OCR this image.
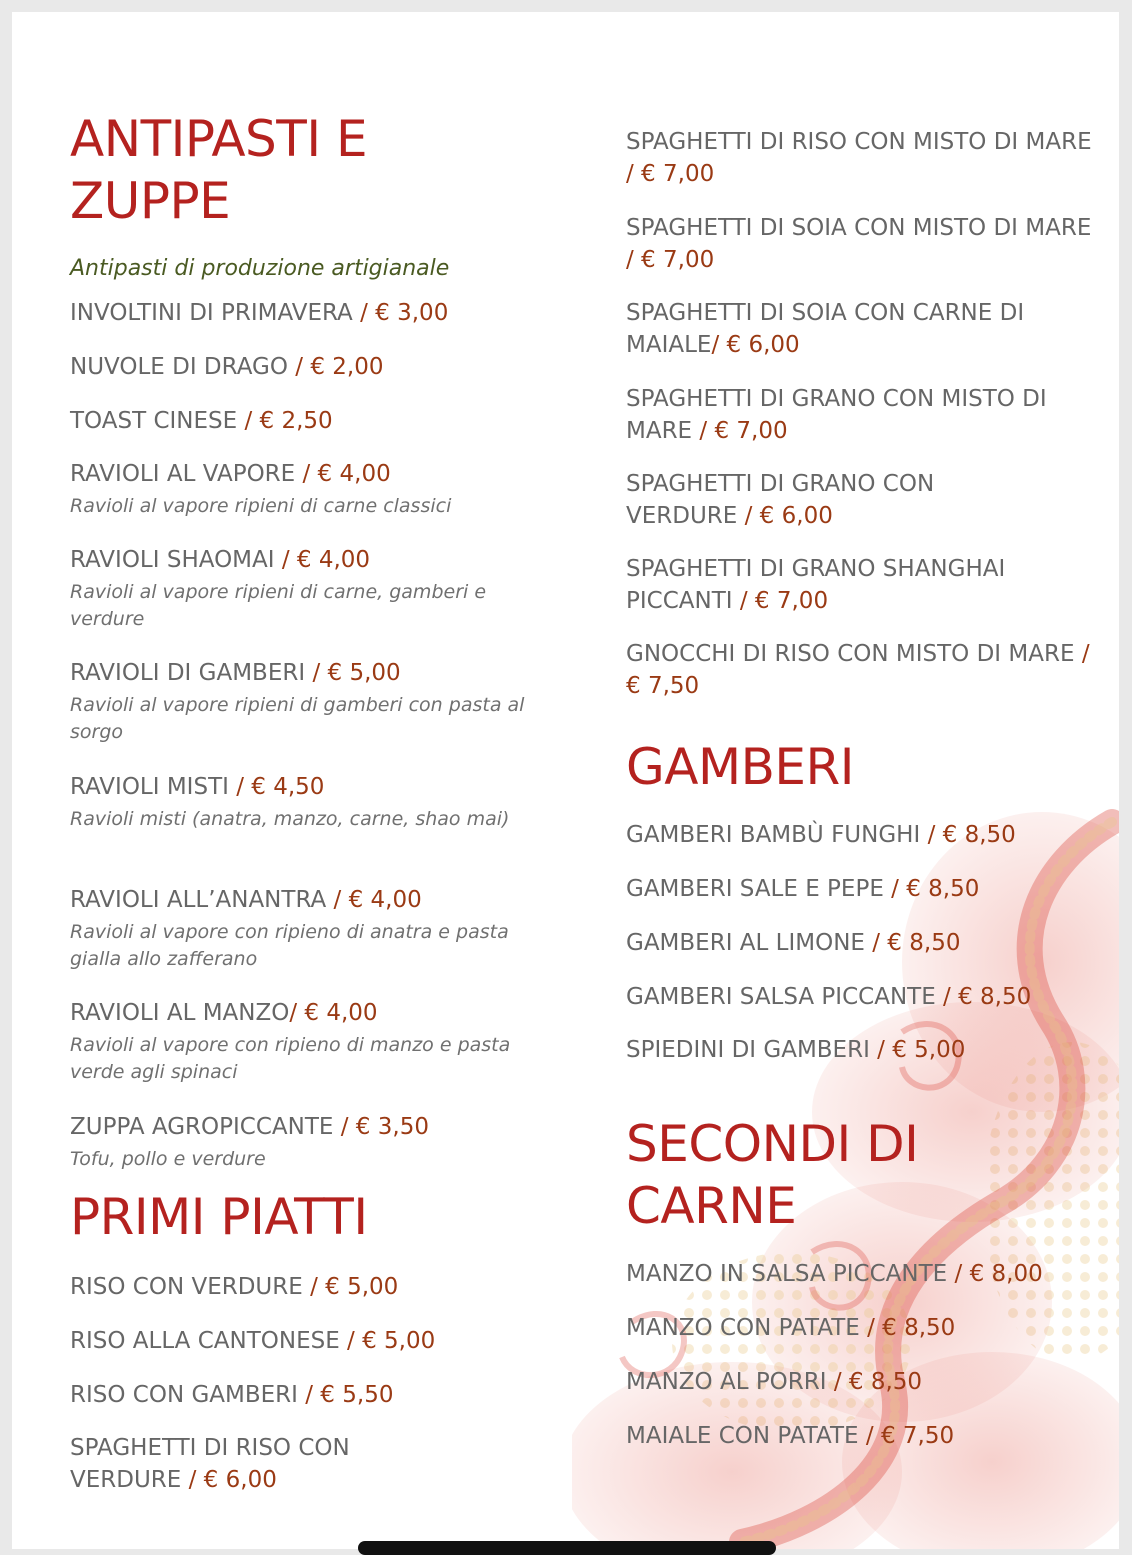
ANTIPASTI E ZUPPE
Antipasti di produzione artigianale
INVOLTINI DI PRIMAVERA / € 3,00
NUVOLE DI DRAGO / € 2,00
TOAST CINESE / € 2,50
RAVIOLI AL VAPORE / € 4,00
Ravioli al vapore ripieni di carne classici
RAVIOLI SHAOMAI / € 4,00
Ravioli al vapore ripieni di carne, gamberi e verdure
RAVIOLI DI GAMBERI / € 5,00
Ravioli al vapore ripieni di gamberi con pasta al sorgo
RAVIOLI MISTI / € 4,50
Ravioli misti (anatra, manzo, carne, shao mai)
RAVIOLI ALL’ANANTRA / € 4,00
Ravioli al vapore con ripieno di anatra e pasta gialla allo zafferano
RAVIOLI AL MANZO/ € 4,00
Ravioli al vapore con ripieno di manzo e pasta verde agli spinaci
ZUPPA AGROPICCANTE / € 3,50
Tofu, pollo e verdure
PRIMI PIATTI
RISO CON VERDURE / € 5,00
RISO ALLA CANTONESE / € 5,00
RISO CON GAMBERI / € 5,50
SPAGHETTI DI RISO CON VERDURE / € 6,00
SPAGHETTI DI RISO CON MISTO DI MARE / € 7,00
SPAGHETTI DI SOIA CON MISTO DI MARE / € 7,00
SPAGHETTI DI SOIA CON CARNE DI MAIALE/ € 6,00
SPAGHETTI DI GRANO CON MISTO DI MARE / € 7,00
SPAGHETTI DI GRANO CON VERDURE / € 6,00
SPAGHETTI DI GRANO SHANGHAI PICCANTI / € 7,00
GNOCCHI DI RISO CON MISTO DI MARE / € 7,50
GAMBERI
GAMBERI BAMBÙ FUNGHI / € 8,50
GAMBERI SALE E PEPE / € 8,50
GAMBERI AL LIMONE / € 8,50
GAMBERI SALSA PICCANTE / € 8,50
SPIEDINI DI GAMBERI / € 5,00
SECONDI DI CARNE
MANZO IN SALSA PICCANTE / € 8,00
MANZO CON PATATE / € 8,50
MANZO AL PORRI / € 8,50
MAIALE CON PATATE / € 7,50
